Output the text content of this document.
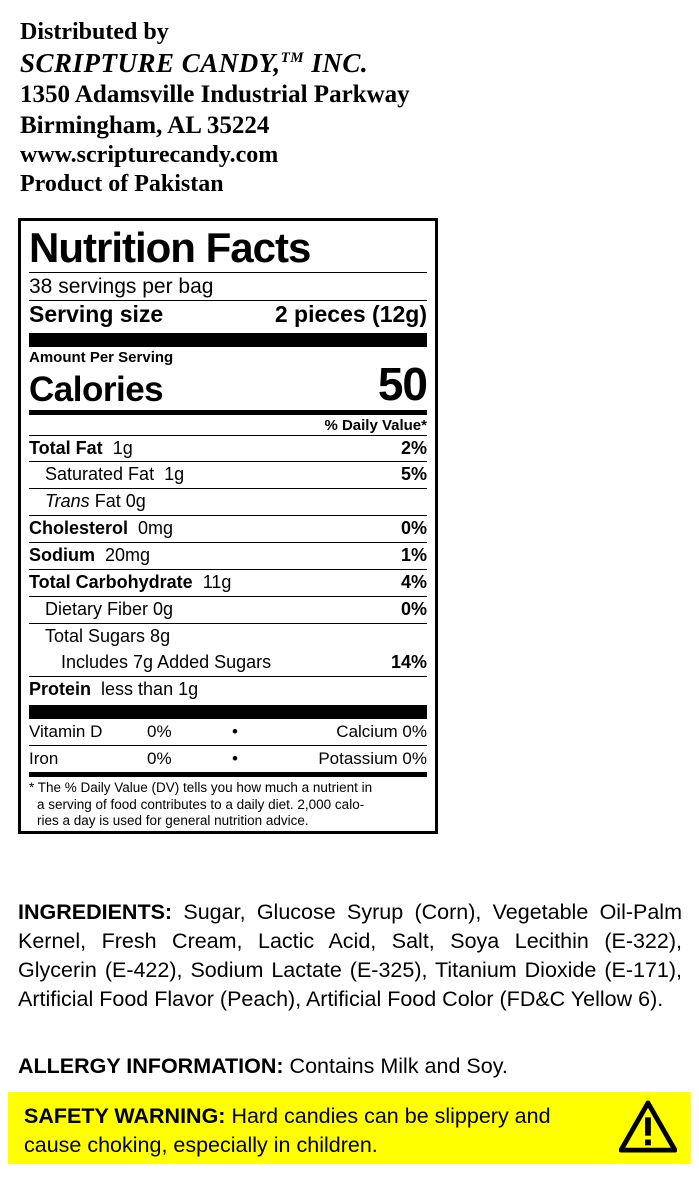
Distributed by
SCRIPTURE CANDY,™ INC.
1350 Adamsville Industrial Parkway
Birmingham, AL 35224
www.scripturecandy.com
Product of Pakistan
Nutrition Facts
38 servings per bag
Serving size	2 pieces (12g)
Amount Per Serving
Calories	50
% Daily Value*
Total Fat 1g	2%
Saturated Fat 1g	5%
Trans Fat 0g
Cholesterol 0mg	0%
Sodium 20mg	1%
Total Carbohydrate 11g	4%
Dietary Fiber 0g	0%
Total Sugars 8g
Includes 7g Added Sugars	14%
Protein less than 1g
Vitamin D	0%	•	Calcium 0%
Iron	0%	•	Potassium 0%
* The % Daily Value (DV) tells you how much a nutrient in
a serving of food contributes to a daily diet. 2,000 calo-
ries a day is used for general nutrition advice.
INGREDIENTS: Sugar, Glucose Syrup (Corn), Vegetable Oil-Palm Kernel, Fresh Cream, Lactic Acid, Salt, Soya Lecithin (E-322), Glycerin (E-422), Sodium Lactate (E-325), Titanium Dioxide (E-171), Artificial Food Flavor (Peach), Artificial Food Color (FD&C Yellow 6).
ALLERGY INFORMATION: Contains Milk and Soy.
SAFETY WARNING: Hard candies can be slippery and cause choking, especially in children.
